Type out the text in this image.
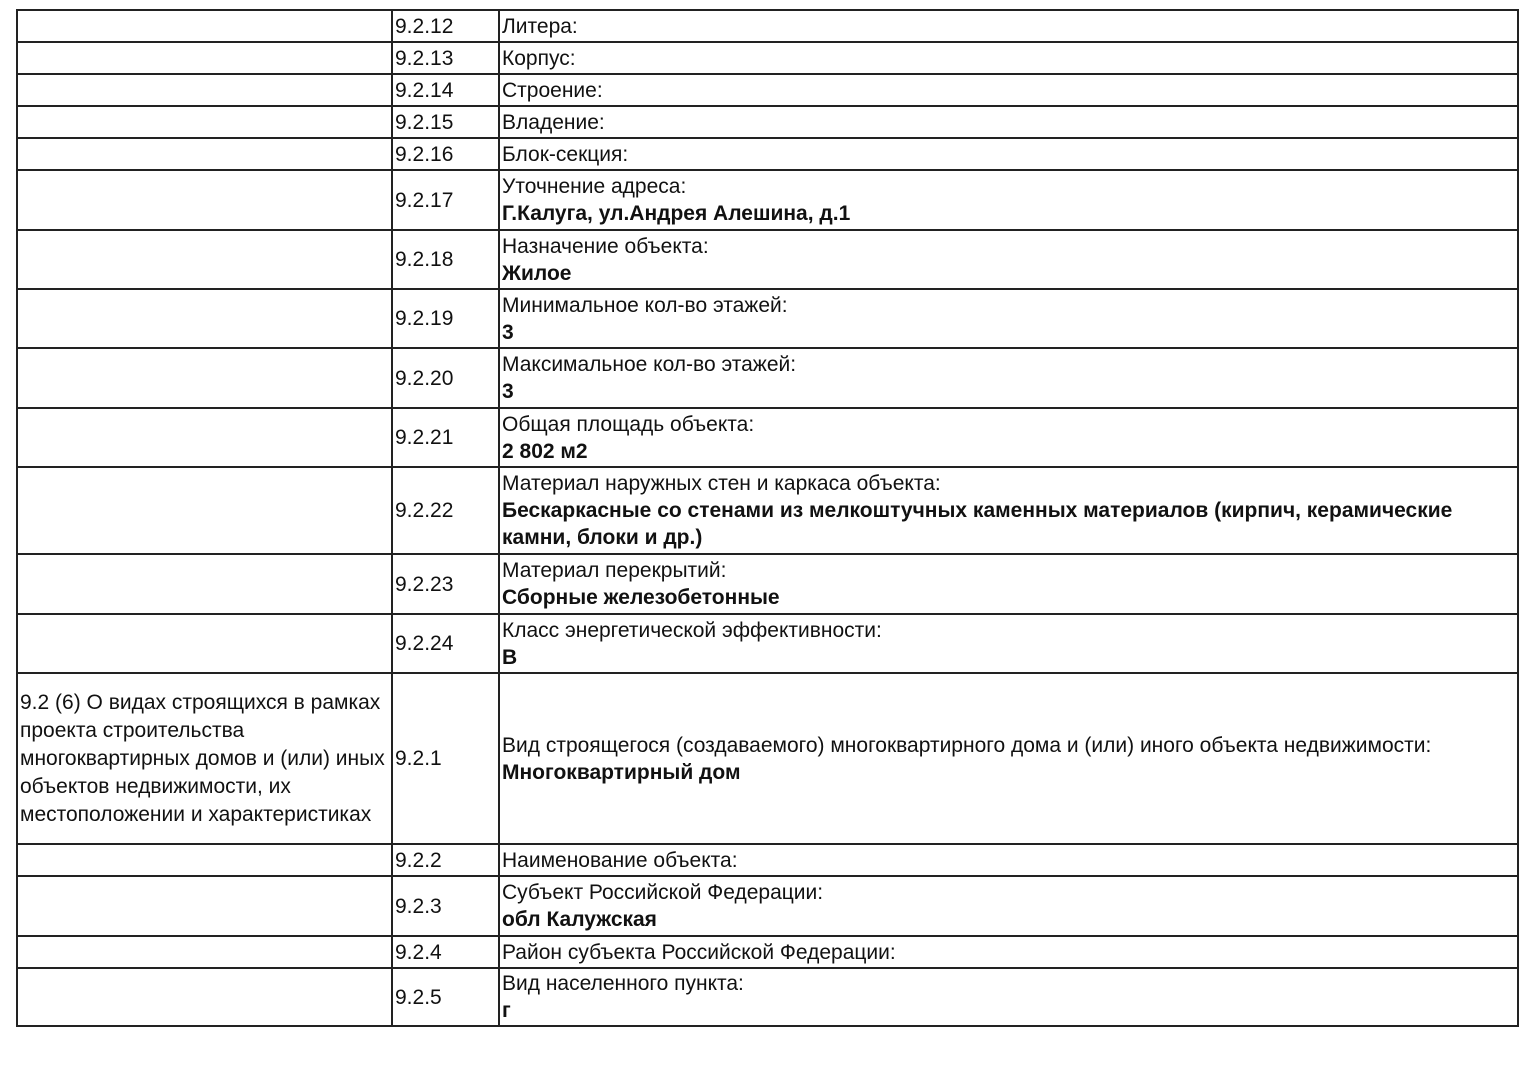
	9.2.12	Литера:

	9.2.13	Корпус:

	9.2.14	Строение:

	9.2.15	Владение:

	9.2.16	Блок-секция:

	9.2.17	Уточнение адреса:
Г.Калуга, ул.Андрея Алешина, д.1

	9.2.18	Назначение объекта:
Жилое

	9.2.19	Минимальное кол-во этажей:
3

	9.2.20	Максимальное кол-во этажей:
3

	9.2.21	Общая площадь объекта:
2 802 м2

	9.2.22	Материал наружных стен и каркаса объекта:
Бескаркасные со стенами из мелкоштучных каменных материалов (кирпич, керамические камни, блоки и др.)

	9.2.23	Материал перекрытий:
Сборные железобетонные

	9.2.24	Класс энергетической эффективности:
В

9.2 (6) О видах строящихся в рамках проекта строительства многоквартирных домов и (или) иных объектов недвижимости, их местоположении и характеристиках	9.2.1	Вид строящегося (создаваемого) многоквартирного дома и (или) иного объекта недвижимости:
Многоквартирный дом

	9.2.2	Наименование объекта:

	9.2.3	Субъект Российской Федерации:
обл Калужская

	9.2.4	Район субъекта Российской Федерации:

	9.2.5	Вид населенного пункта:
г
